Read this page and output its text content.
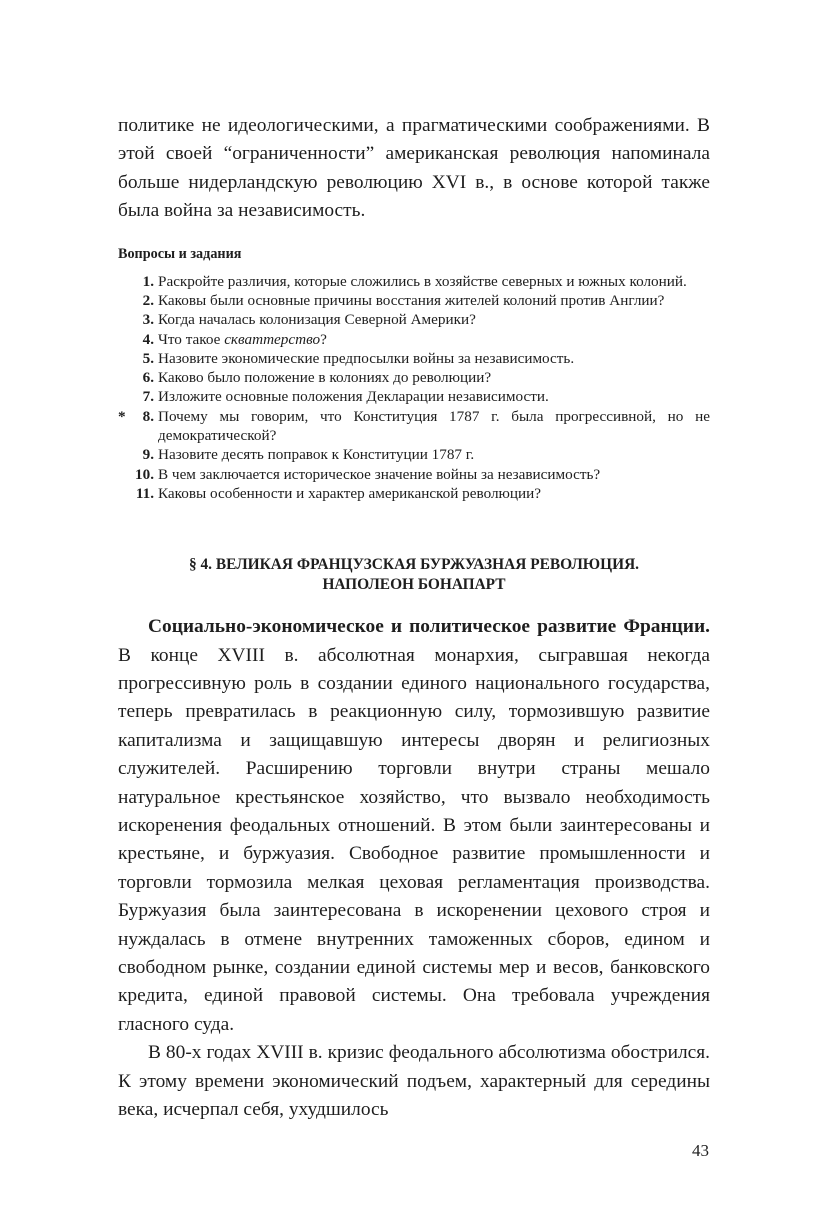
политике не идеологическими, а прагматическими соображениями. В этой своей “ограниченности” американская революция напоминала больше нидерландскую революцию XVI в., в основе которой также была война за независимость.

Вопросы и задания
1. Раскройте различия, которые сложились в хозяйстве северных и южных колоний.
2. Каковы были основные причины восстания жителей колоний против Англии?
3. Когда началась колонизация Северной Америки?
4. Что такое скваттерство?
5. Назовите экономические предпосылки войны за независимость.
6. Каково было положение в колониях до революции?
7. Изложите основные положения Декларации независимости.
*	8. Почему мы говорим, что Конституция 1787 г. была прогрессивной, но не демократической?
9. Назовите десять поправок к Конституции 1787 г.
10. В чем заключается историческое значение войны за независимость?
11. Каковы особенности и характер американской революции?
§ 4. ВЕЛИКАЯ ФРАНЦУЗСКАЯ БУРЖУАЗНАЯ РЕВОЛЮЦИЯ.
НАПОЛЕОН БОНАПАРТ

Социально-экономическое и политическое развитие Франции. В конце XVIII в. абсолютная монархия, сыгравшая некогда прогрессивную роль в создании единого национального государства, теперь превратилась в реакционную силу, тормозившую развитие капитализма и защищавшую интересы дворян и религиозных служителей. Расширению торговли внутри страны мешало натуральное крестьянское хозяйство, что вызвало необходимость искоренения феодальных отношений. В этом были заинтересованы и крестьяне, и буржуазия. Свободное развитие промышленности и торговли тормозила мелкая цеховая регламентация производства. Буржуазия была заинтересована в искоренении цехового строя и нуждалась в отмене внутренних таможенных сборов, едином и свободном рынке, создании единой системы мер и весов, банковского кредита, единой правовой системы. Она требовала учреждения гласного суда.

В 80-х годах XVIII в. кризис феодального абсолютизма обострился. К этому времени экономический подъем, характерный для середины века, исчерпал себя, ухудшилось

43
